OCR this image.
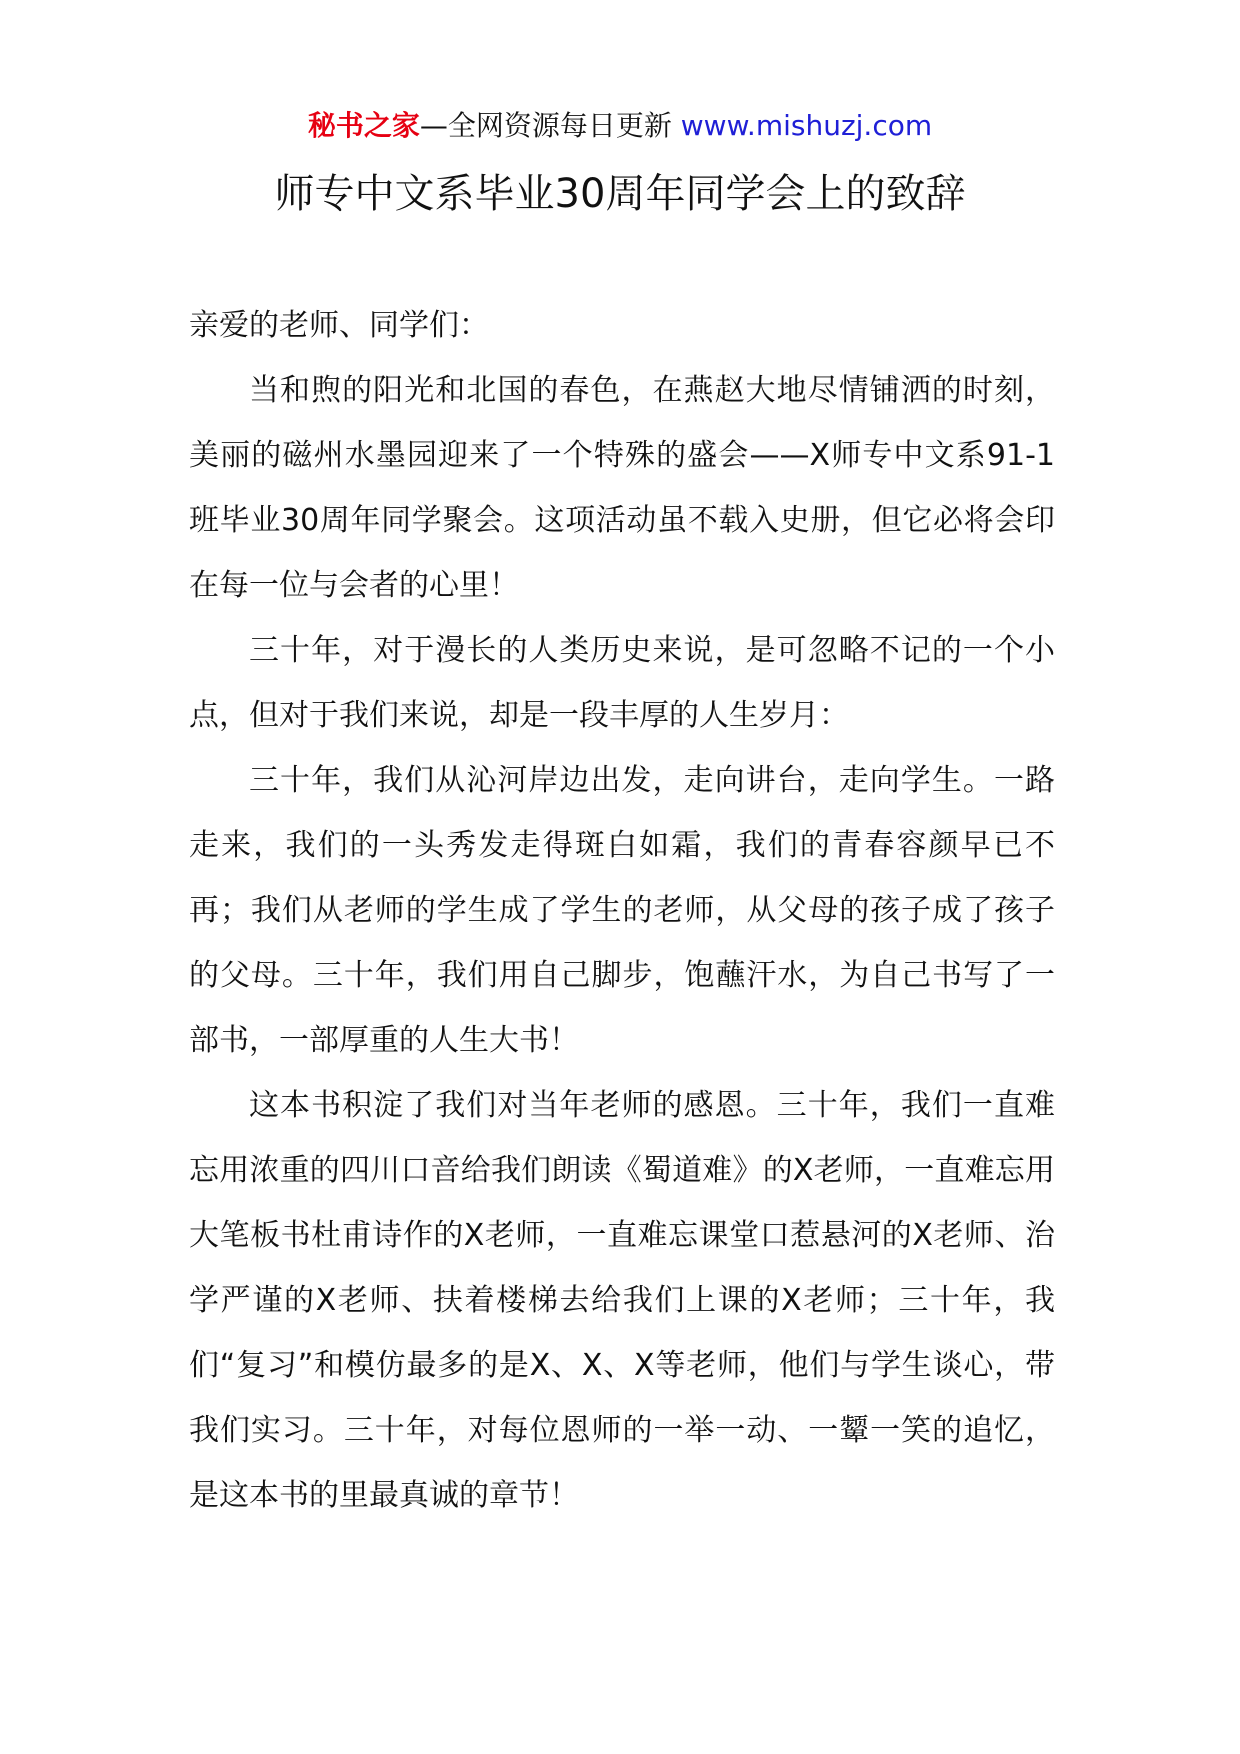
秘书之家—全网资源每日更新 www.mishuzj.com
师专中文系毕业30周年同学会上的致辞

亲爱的老师、同学们：

当和煦的阳光和北国的春色，在燕赵大地尽情铺洒的时刻，美丽的磁州水墨园迎来了一个特殊的盛会——X师专中文系91-1班毕业30周年同学聚会。这项活动虽不载入史册，但它必将会印在每一位与会者的心里！

三十年，对于漫长的人类历史来说，是可忽略不记的一个小点，但对于我们来说，却是一段丰厚的人生岁月：

三十年，我们从沁河岸边出发，走向讲台，走向学生。一路走来，我们的一头秀发走得斑白如霜，我们的青春容颜早已不再；我们从老师的学生成了学生的老师，从父母的孩子成了孩子的父母。三十年，我们用自己脚步，饱蘸汗水，为自己书写了一部书，一部厚重的人生大书！

这本书积淀了我们对当年老师的感恩。三十年，我们一直难忘用浓重的四川口音给我们朗读《蜀道难》的X老师，一直难忘用大笔板书杜甫诗作的X老师，一直难忘课堂口惹悬河的X老师、治学严谨的X老师、扶着楼梯去给我们上课的X老师；三十年，我们“复习”和模仿最多的是X、X、X等老师，他们与学生谈心，带我们实习。三十年，对每位恩师的一举一动、一颦一笑的追忆，是这本书的里最真诚的章节！
